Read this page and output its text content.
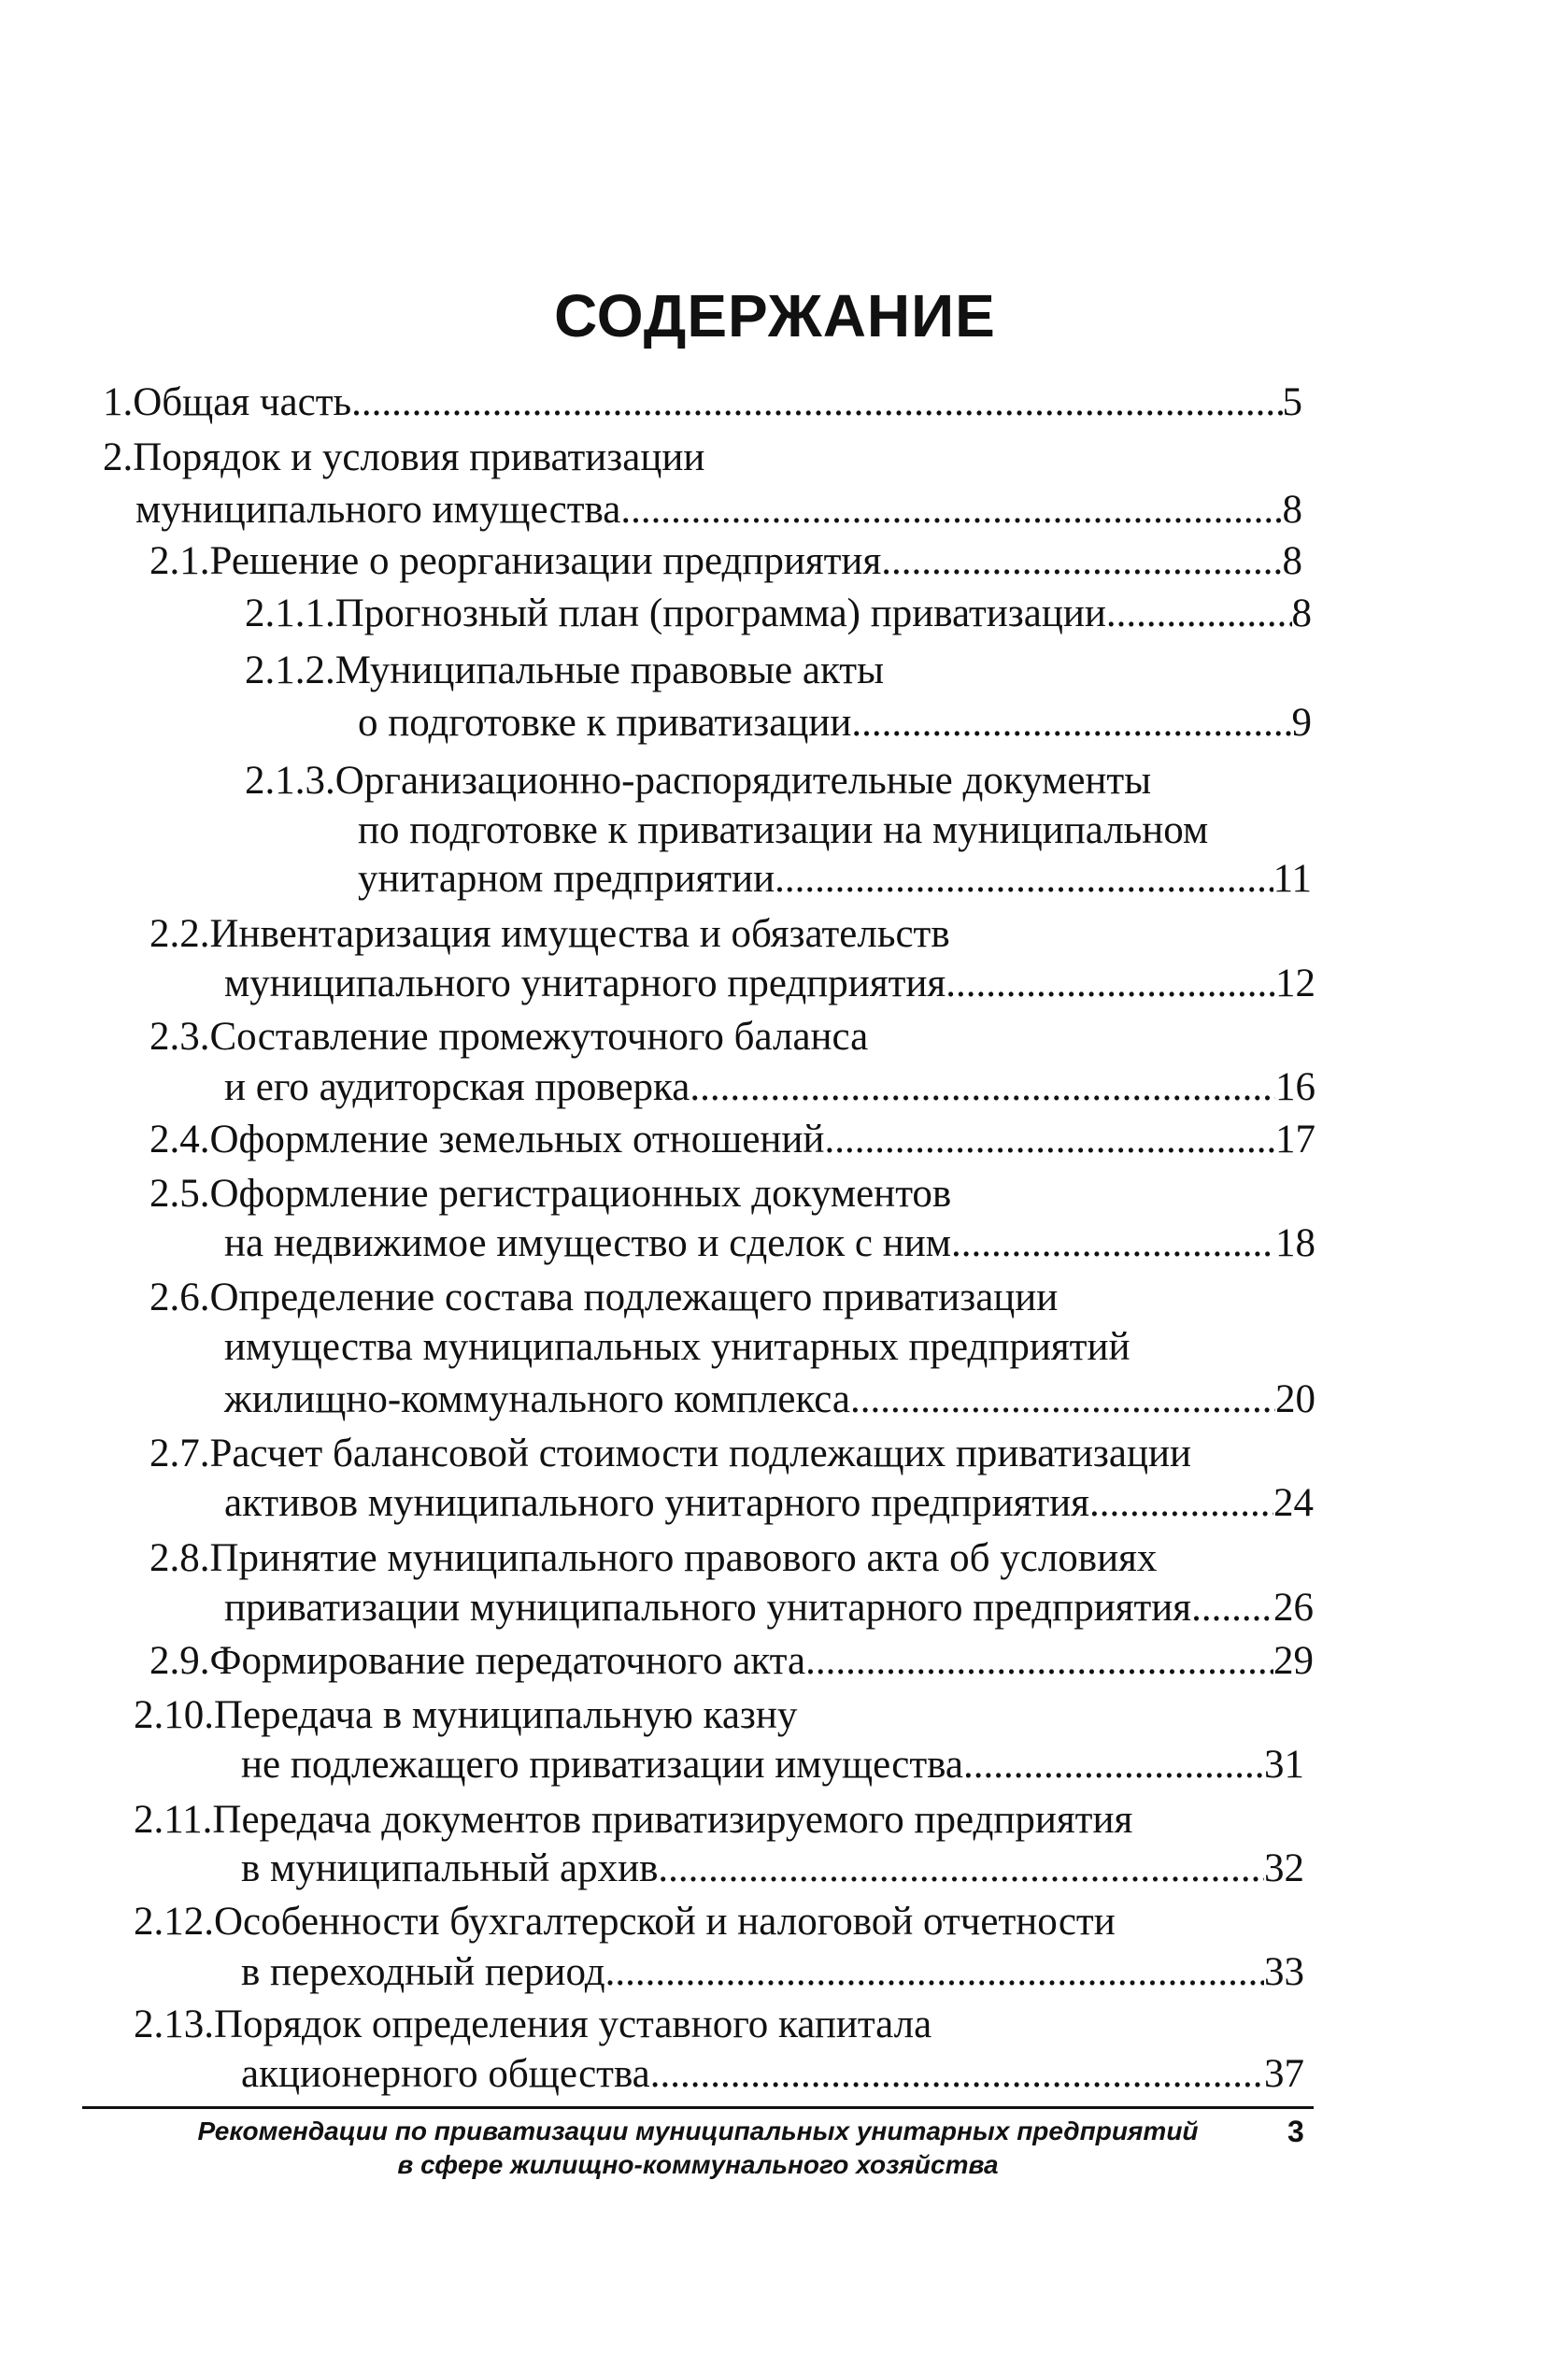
СОДЕРЖАНИЕ
1. Общая часть .....	5
2. Порядок и условия приватизации
муниципального имущества .....	8
2.1. Решение о реорганизации предприятия .....	8
2.1.1. Прогнозный план (программа) приватизации .....	8
2.1.2. Муниципальные правовые акты
о подготовке к приватизации .....	9
2.1.3. Организационно-распорядительные документы
по подготовке к приватизации на муниципальном
унитарном предприятии .....	11
2.2. Инвентаризация имущества и обязательств
муниципального унитарного предприятия .....	12
2.3. Составление промежуточного баланса
и его аудиторская проверка .....	16
2.4. Оформление земельных отношений .....	17
2.5. Оформление регистрационных документов
на недвижимое имущество и сделок с ним .....	18
2.6. Определение состава подлежащего приватизации
имущества муниципальных унитарных предприятий
жилищно-коммунального комплекса .....	20
2.7. Расчет балансовой стоимости подлежащих приватизации
активов муниципального унитарного предприятия .....	24
2.8. Принятие муниципального правового акта об условиях
приватизации муниципального унитарного предприятия ..... 26
2.9. Формирование передаточного акта .....	29
2.10. Передача в муниципальную казну
не подлежащего приватизации имущества .....	31
2.11. Передача документов приватизируемого предприятия
в муниципальный архив .....	32
2.12. Особенности бухгалтерской и налоговой отчетности
в переходный период .....	33
2.13. Порядок определения уставного капитала
акционерного общества .....	37
Рекомендации по приватизации муниципальных унитарных предприятий
в сфере жилищно-коммунального хозяйства
3
